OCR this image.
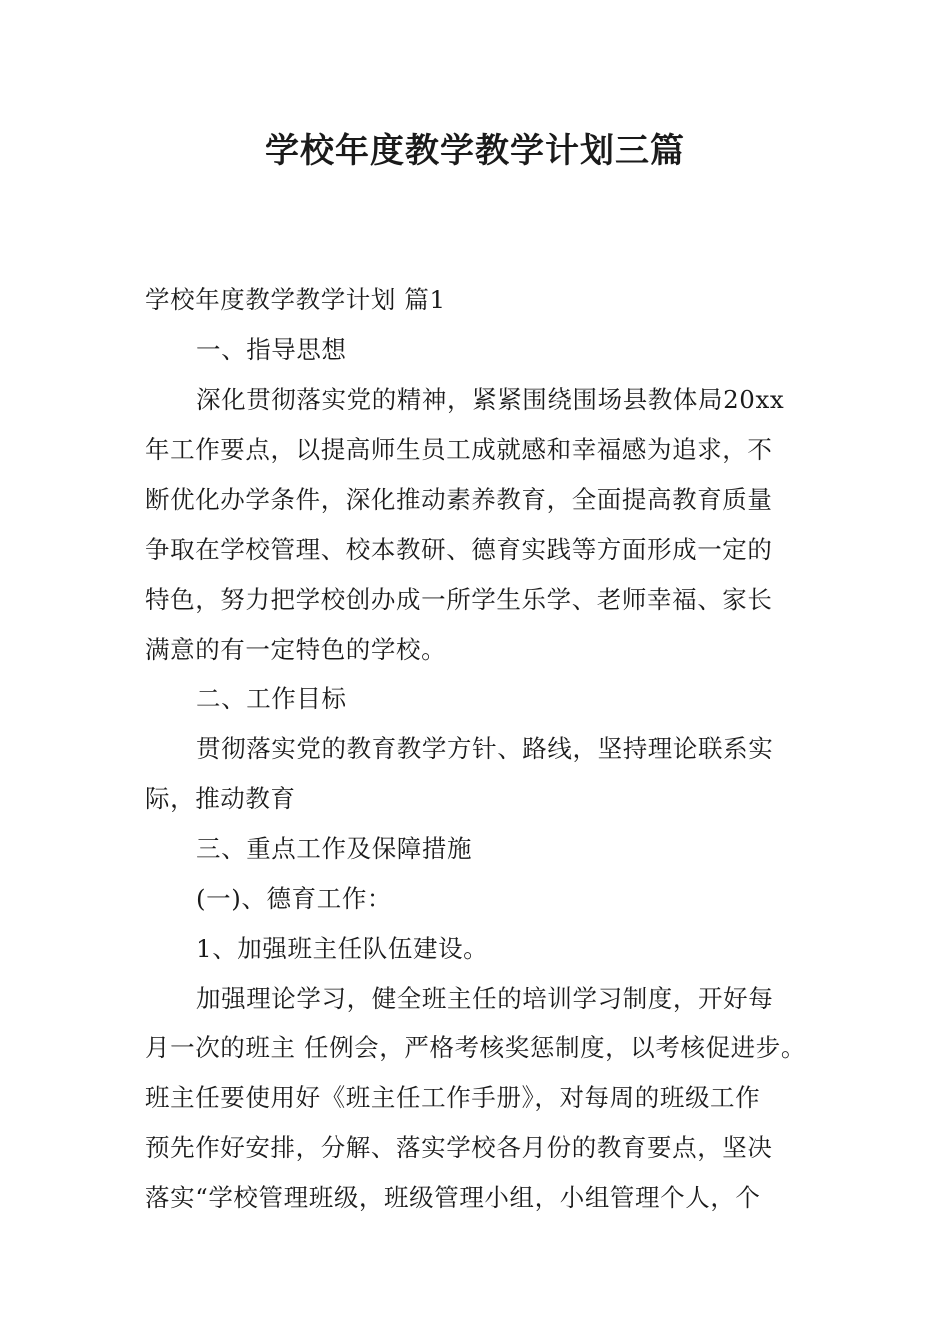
学校年度教学教学计划三篇
学校年度教学教学计划 篇1
一、指导思想
深化贯彻落实党的精神，紧紧围绕围场县教体局20xx
年工作要点，以提高师生员工成就感和幸福感为追求，不
断优化办学条件，深化推动素养教育，全面提高教育质量
争取在学校管理、校本教研、德育实践等方面形成一定的
特色，努力把学校创办成一所学生乐学、老师幸福、家长
满意的有一定特色的学校。
二、工作目标
贯彻落实党的教育教学方针、路线，坚持理论联系实
际，推动教育
三、重点工作及保障措施
(一)、德育工作：
1、加强班主任队伍建设。
加强理论学习，健全班主任的培训学习制度，开好每
月一次的班主 任例会，严格考核奖惩制度，以考核促进步。
班主任要使用好《班主任工作手册》，对每周的班级工作
预先作好安排，分解、落实学校各月份的教育要点，坚决
落实“学校管理班级，班级管理小组，小组管理个人，个
